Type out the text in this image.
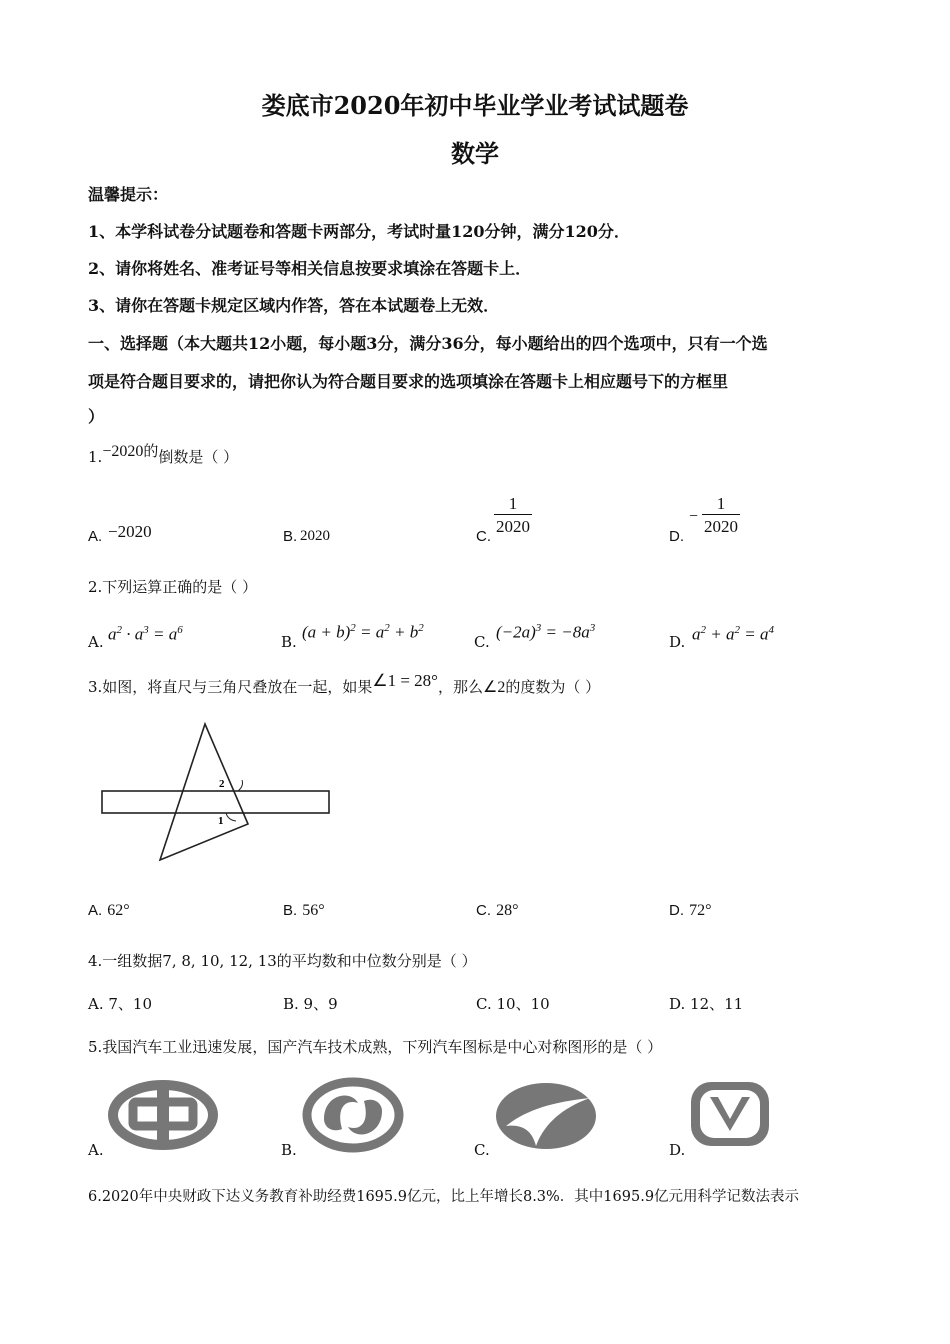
娄底市2020年初中毕业学业考试试题卷
数学
温馨提示：
1、本学科试卷分试题卷和答题卡两部分，考试时量120分钟，满分120分．
2、请你将姓名、准考证号等相关信息按要求填涂在答题卡上．
3、请你在答题卡规定区域内作答，答在本试题卷上无效．
一、选择题（本大题共12小题，每小题3分，满分36分，每小题给出的四个选项中，只有一个选
项是符合题目要求的，请把你认为符合题目要求的选项填涂在答题卡上相应题号下的方框里
）
1.−2020的倒数是（ ）
A. −2020	B. 2020	C. $\frac{1}{2020}$	D.
− $\frac{1}{2020}$
2.下列运算正确的是（ ）
A. $a^2 \cdot a^3 = a^6$
B.
$(a + b)^2 = a^2 + b^2$
C.
$(-2a)^3 = -8a^3$
D. $a^2 + a^2 = a^4$
3.如图，将直尺与三角尺叠放在一起，如果∠1 = 28°，那么∠2的度数为（ ）
2
1
A. 62°	B. 56°	C. 28°	D. 72°
4.一组数据7, 8, 10, 12, 13的平均数和中位数分别是（ ）
A. 7、10	B. 9、9	C. 10、10	D. 12、11
5.我国汽车工业迅速发展，国产汽车技术成熟，下列汽车图标是中心对称图形的是（ ）
A.	B.	C.	D.
6.2020年中央财政下达义务教育补助经费1695.9亿元，比上年增长8.3%．其中1695.9亿元用科学记数法表示
